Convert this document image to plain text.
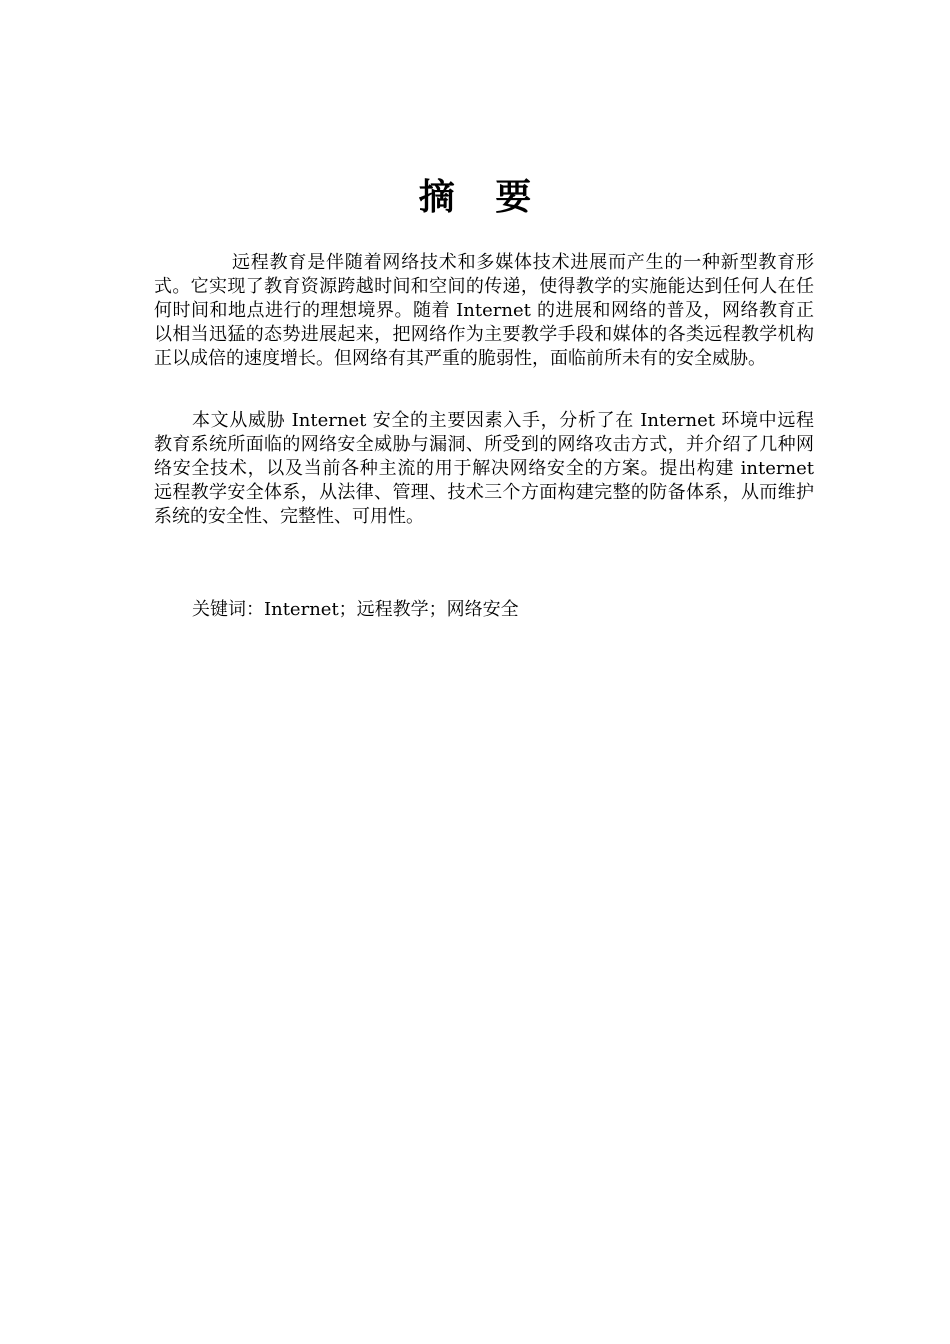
摘 要

远程教育是伴随着网络技术和多媒体技术进展而产生的一种新型教育形式。它实现了教育资源跨越时间和空间的传递，使得教学的实施能达到任何人在任何时间和地点进行的理想境界。随着 Internet 的进展和网络的普及，网络教育正以相当迅猛的态势进展起来，把网络作为主要教学手段和媒体的各类远程教学机构正以成倍的速度增长。但网络有其严重的脆弱性，面临前所未有的安全威胁。

本文从威胁 Internet 安全的主要因素入手，分析了在 Internet 环境中远程教育系统所面临的网络安全威胁与漏洞、所受到的网络攻击方式，并介绍了几种网络安全技术，以及当前各种主流的用于解决网络安全的方案。提出构建 internet 远程教学安全体系，从法律、管理、技术三个方面构建完整的防备体系，从而维护系统的安全性、完整性、可用性。

关键词：Internet；远程教学；网络安全
